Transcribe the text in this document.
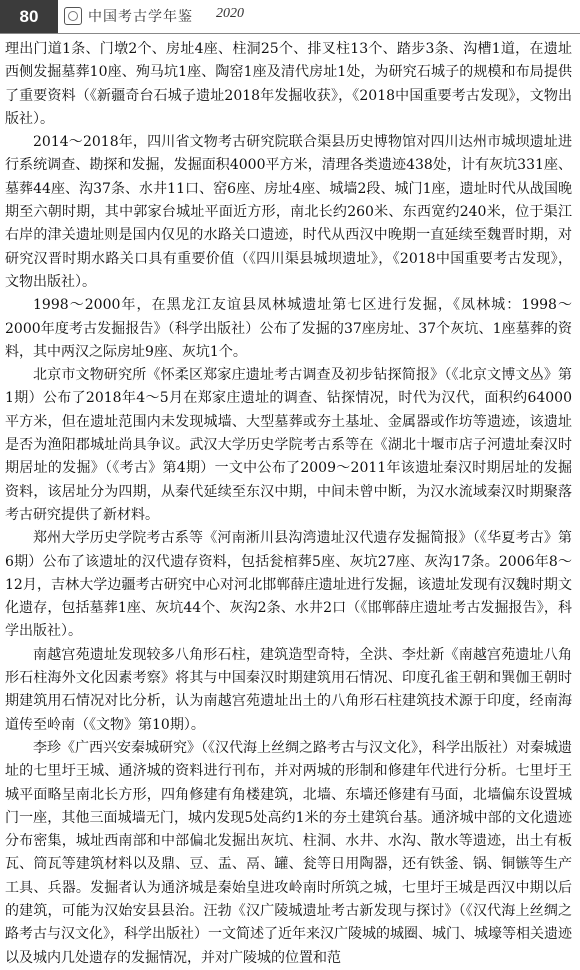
80	中国考古学年鉴 2020

理出门道1条、门墩2个、房址4座、柱洞25个、排叉柱13个、踏步3条、沟槽1道，在遗址西侧发掘墓葬10座、殉马坑1座、陶窑1座及清代房址1处，为研究石城子的规模和布局提供了重要资料（《新疆奇台石城子遗址2018年发掘收获》，《2018中国重要考古发现》，文物出版社）。

2014～2018年，四川省文物考古研究院联合渠县历史博物馆对四川达州市城坝遗址进行系统调查、勘探和发掘，发掘面积4000平方米，清理各类遗迹438处，计有灰坑331座、墓葬44座、沟37条、水井11口、窑6座、房址4座、城墙2段、城门1座，遗址时代从战国晚期至六朝时期，其中郭家台城址平面近方形，南北长约260米、东西宽约240米，位于渠江右岸的津关遗址则是国内仅见的水路关口遗迹，时代从西汉中晚期一直延续至魏晋时期，对研究汉晋时期水路关口具有重要价值（《四川渠县城坝遗址》，《2018中国重要考古发现》，文物出版社）。

1998～2000年，在黑龙江友谊县凤林城遗址第七区进行发掘，《凤林城：1998～2000年度考古发掘报告》（科学出版社）公布了发掘的37座房址、37个灰坑、1座墓葬的资料，其中两汉之际房址9座、灰坑1个。

北京市文物研究所《怀柔区郑家庄遗址考古调查及初步钻探简报》（《北京文博文丛》第1期）公布了2018年4～5月在郑家庄遗址的调查、钻探情况，时代为汉代，面积约64000平方米，但在遗址范围内未发现城墙、大型墓葬或夯土基址、金属器或作坊等遗迹，该遗址是否为渔阳郡城址尚具争议。武汉大学历史学院考古系等在《湖北十堰市店子河遗址秦汉时期居址的发掘》（《考古》第4期）一文中公布了2009～2011年该遗址秦汉时期居址的发掘资料，该居址分为四期，从秦代延续至东汉中期，中间未曾中断，为汉水流域秦汉时期聚落考古研究提供了新材料。

郑州大学历史学院考古系等《河南淅川县沟湾遗址汉代遗存发掘简报》（《华夏考古》第6期）公布了该遗址的汉代遗存资料，包括瓮棺葬5座、灰坑27座、灰沟17条。2006年8～12月，吉林大学边疆考古研究中心对河北邯郸薛庄遗址进行发掘，该遗址发现有汉魏时期文化遗存，包括墓葬1座、灰坑44个、灰沟2条、水井2口（《邯郸薛庄遗址考古发掘报告》，科学出版社）。

南越宫苑遗址发现较多八角形石柱，建筑造型奇特，全洪、李灶新《南越宫苑遗址八角形石柱海外文化因素考察》将其与中国秦汉时期建筑用石情况、印度孔雀王朝和巽伽王朝时期建筑用石情况对比分析，认为南越宫苑遗址出土的八角形石柱建筑技术源于印度，经南海道传至岭南（《文物》第10期）。

李珍《广西兴安秦城研究》（《汉代海上丝绸之路考古与汉文化》，科学出版社）对秦城遗址的七里圩王城、通济城的资料进行刊布，并对两城的形制和修建年代进行分析。七里圩王城平面略呈南北长方形，四角修建有角楼建筑，北墙、东墙还修建有马面，北墙偏东设置城门一座，其他三面城墙无门，城内发现5处高约1米的夯土建筑台基。通济城中部的文化遗迹分布密集，城址西南部和中部偏北发掘出灰坑、柱洞、水井、水沟、散水等遗迹，出土有板瓦、筒瓦等建筑材料以及鼎、豆、盂、鬲、罐、瓮等日用陶器，还有铁釜、锅、铜镞等生产工具、兵器。发掘者认为通济城是秦始皇进攻岭南时所筑之城，七里圩王城是西汉中期以后的建筑，可能为汉始安县县治。汪勃《汉广陵城遗址考古新发现与探讨》（《汉代海上丝绸之路考古与汉文化》，科学出版社）一文简述了近年来汉广陵城的城圈、城门、城壕等相关遗迹以及城内几处遗存的发掘情况，并对广陵城的位置和范
